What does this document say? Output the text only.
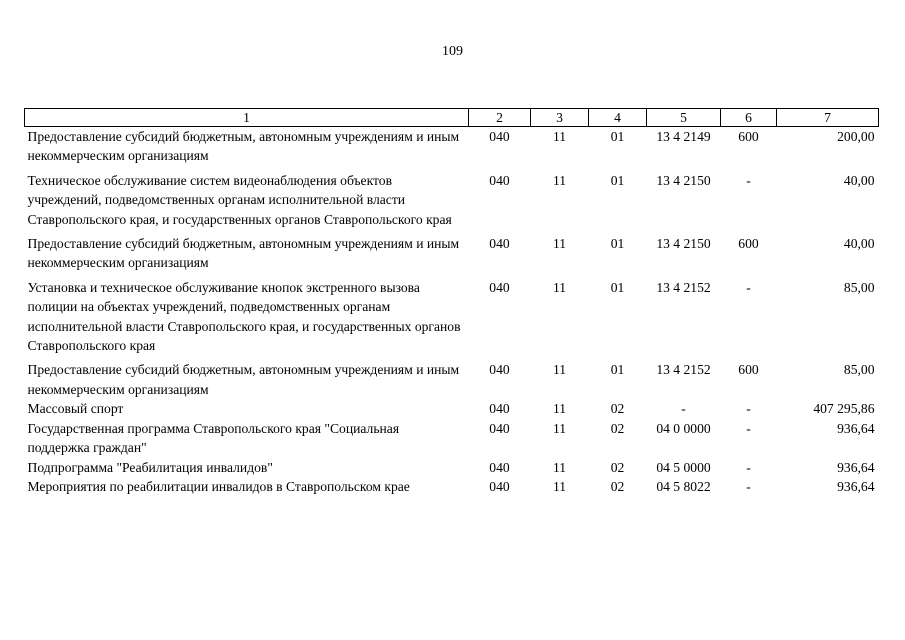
109
1	2	3	4	5	6	7
Предоставление субсидий бюджетным, автономным учреждениям и иным некоммерческим организациям	040	11	01	13 4 2149	600	200,00
Техническое обслуживание систем видеонаблюдения объектов учреждений, подведомственных органам исполнительной власти Ставропольского края, и государственных органов Ставропольского края	040	11	01	13 4 2150	-	40,00
Предоставление субсидий бюджетным, автономным учреждениям и иным некоммерческим организациям	040	11	01	13 4 2150	600	40,00
Установка и техническое обслуживание кнопок экстренного вызова полиции на объектах учреждений, подведомственных органам исполнительной власти Ставропольского края, и государственных органов Ставропольского края	040	11	01	13 4 2152	-	85,00
Предоставление субсидий бюджетным, автономным учреждениям и иным некоммерческим организациям	040	11	01	13 4 2152	600	85,00
Массовый спорт	040	11	02	-	-	407 295,86
Государственная программа Ставропольского края "Социальная поддержка граждан"	040	11	02	04 0 0000	-	936,64
Подпрограмма "Реабилитация инвалидов"	040	11	02	04 5 0000	-	936,64
Мероприятия по реабилитации инвалидов в Ставропольском крае	040	11	02	04 5 8022	-	936,64
